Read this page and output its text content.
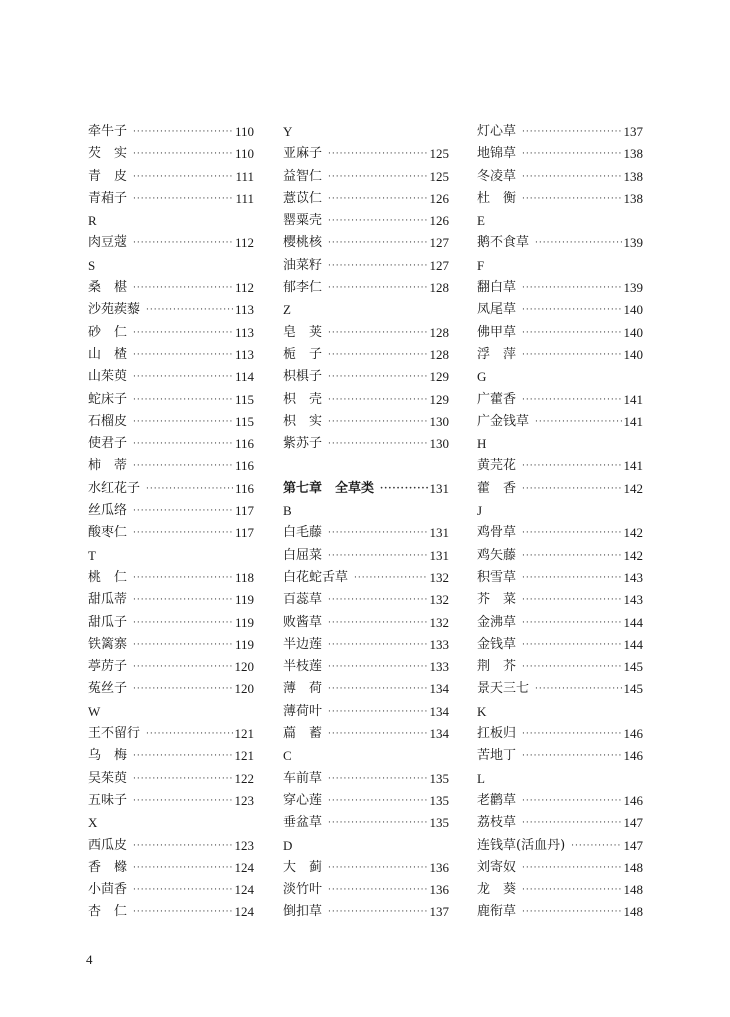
牵牛子 ·····	110
芡　实 ·····	110
青　皮 ·····	111
青葙子 ·····	111
R
肉豆蔻 ·····	112
S
桑　椹 ·····	112
沙苑蒺藜 ·····	113
砂　仁 ·····	113
山　楂 ·····	113
山茱萸 ·····	114
蛇床子 ·····	115
石榴皮 ·····	115
使君子 ·····	116
柿　蒂 ·····	116
水红花子 ·····	116
丝瓜络 ·····	117
酸枣仁 ·····	117
T
桃　仁 ·····	118
甜瓜蒂 ·····	119
甜瓜子 ·····	119
铁篱寨 ·····	119
葶苈子 ·····	120
菟丝子 ·····	120
W
王不留行 ·····	121
乌　梅 ·····	121
吴茱萸 ·····	122
五味子 ·····	123
X
西瓜皮 ·····	123
香　橼 ·····	124
小茴香 ·····	124
杏　仁 ·····	124
Y
亚麻子 ·····	125
益智仁 ·····	125
薏苡仁 ·····	126
罂粟壳 ·····	126
樱桃核 ·····	127
油菜籽 ·····	127
郁李仁 ·····	128
Z
皂　荚 ·····	128
栀　子 ·····	128
枳椇子 ·····	129
枳　壳 ·····	129
枳　实 ·····	130
紫苏子 ·····	130
第七章　全草类 ·····	131
B
白毛藤 ·····	131
白屈菜 ·····	131
白花蛇舌草 ·····	132
百蕊草 ·····	132
败酱草 ·····	132
半边莲 ·····	133
半枝莲 ·····	133
薄　荷 ·····	134
薄荷叶 ·····	134
萹　蓄 ·····	134
C
车前草 ·····	135
穿心莲 ·····	135
垂盆草 ·····	135
D
大　蓟 ·····	136
淡竹叶 ·····	136
倒扣草 ·····	137
灯心草 ·····	137
地锦草 ·····	138
冬凌草 ·····	138
杜　衡 ·····	138
E
鹅不食草 ·····	139
F
翻白草 ·····	139
凤尾草 ·····	140
佛甲草 ·····	140
浮　萍 ·····	140
G
广藿香 ·····	141
广金钱草 ·····	141
H
黄芫花 ·····	141
藿　香 ·····	142
J
鸡骨草 ·····	142
鸡矢藤 ·····	142
积雪草 ·····	143
芥　菜 ·····	143
金沸草 ·····	144
金钱草 ·····	144
荆　芥 ·····	145
景天三七 ·····	145
K
扛板归 ·····	146
苦地丁 ·····	146
L
老鹳草 ·····	146
荔枝草 ·····	147
连钱草(活血丹) ·····	147
刘寄奴 ·····	148
龙　葵 ·····	148
鹿衔草 ·····	148
4
